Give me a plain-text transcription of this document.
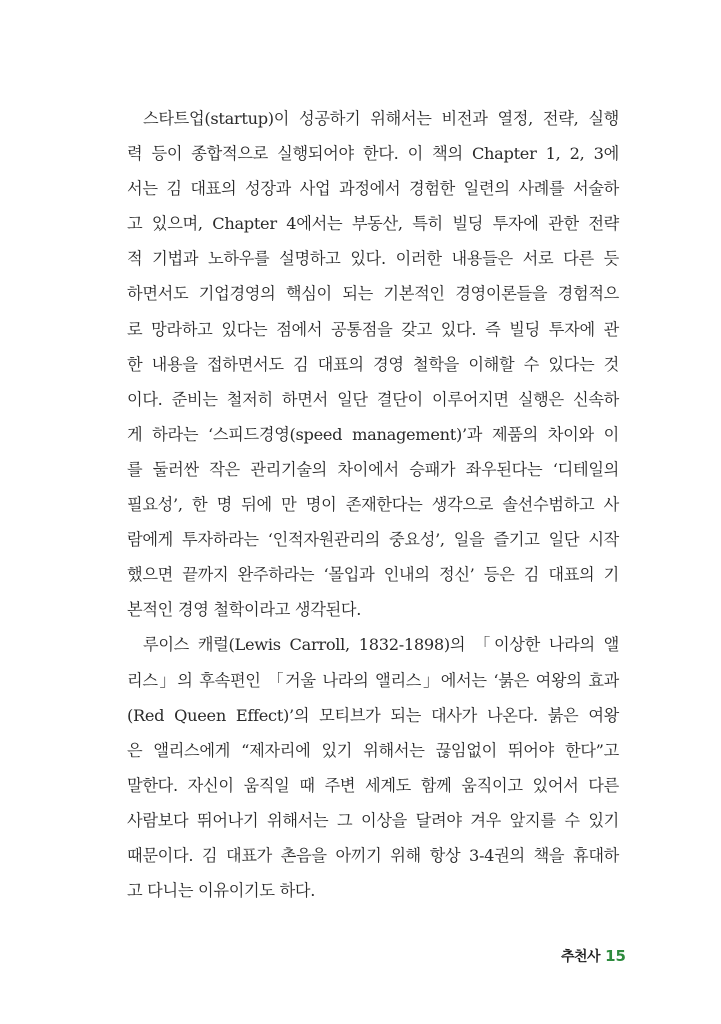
스타트업(startup)이 성공하기 위해서는 비전과 열정, 전략, 실행
력 등이 종합적으로 실행되어야 한다. 이 책의 Chapter 1, 2, 3에
서는 김 대표의 성장과 사업 과정에서 경험한 일련의 사례를 서술하
고 있으며, Chapter 4에서는 부동산, 특히 빌딩 투자에 관한 전략
적 기법과 노하우를 설명하고 있다. 이러한 내용들은 서로 다른 듯
하면서도 기업경영의 핵심이 되는 기본적인 경영이론들을 경험적으
로 망라하고 있다는 점에서 공통점을 갖고 있다. 즉 빌딩 투자에 관
한 내용을 접하면서도 김 대표의 경영 철학을 이해할 수 있다는 것
이다. 준비는 철저히 하면서 일단 결단이 이루어지면 실행은 신속하
게 하라는 ‘스피드경영(speed management)’과 제품의 차이와 이
를 둘러싼 작은 관리기술의 차이에서 승패가 좌우된다는 ‘디테일의
필요성’, 한 명 뒤에 만 명이 존재한다는 생각으로 솔선수범하고 사
람에게 투자하라는 ‘인적자원관리의 중요성’, 일을 즐기고 일단 시작
했으면 끝까지 완주하라는 ‘몰입과 인내의 정신’ 등은 김 대표의 기
본적인 경영 철학이라고 생각된다.
루이스 캐럴(Lewis Carroll, 1832-1898)의 「이상한 나라의 앨
리스」의 후속편인 「거울 나라의 앨리스」에서는 ‘붉은 여왕의 효과
(Red Queen Effect)’의 모티브가 되는 대사가 나온다. 붉은 여왕
은 앨리스에게 “제자리에 있기 위해서는 끊임없이 뛰어야 한다”고
말한다. 자신이 움직일 때 주변 세계도 함께 움직이고 있어서 다른
사람보다 뛰어나기 위해서는 그 이상을 달려야 겨우 앞지를 수 있기
때문이다. 김 대표가 촌음을 아끼기 위해 항상 3-4권의 책을 휴대하
고 다니는 이유이기도 하다.
추천사 15
